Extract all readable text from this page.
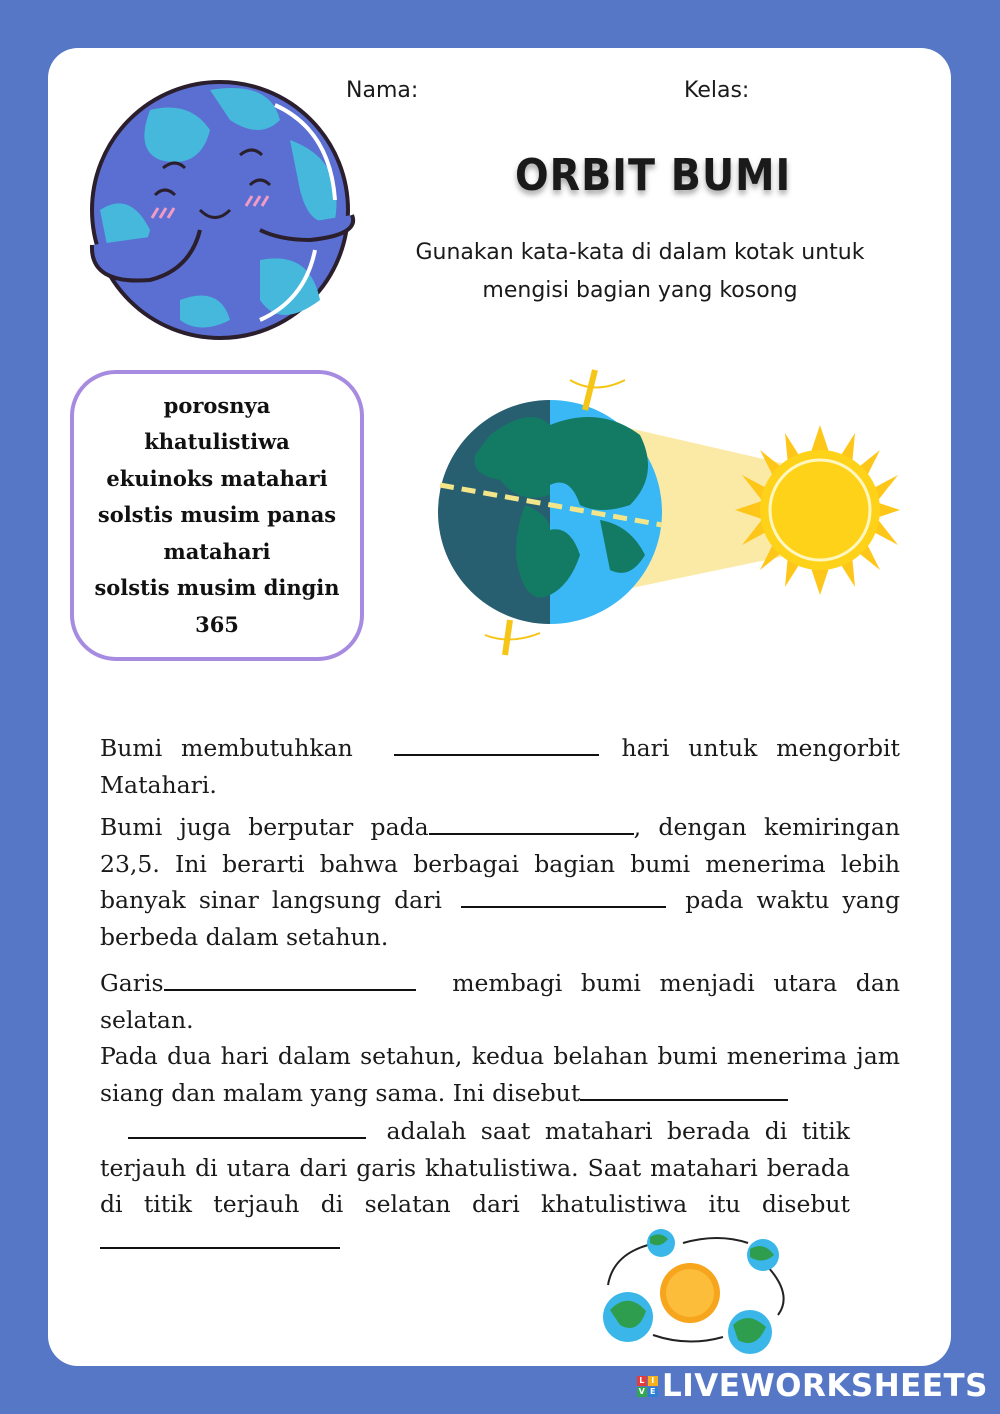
Nama:	Kelas:
ORBIT BUMI
Gunakan kata-kata di dalam kotak untuk
mengisi bagian yang kosong
porosnya
khatulistiwa
ekuinoks matahari
solstis musim panas
matahari
solstis musim dingin
365
Bumi membutuhkan	hari untuk mengorbit Matahari.
Bumi juga berputar pada	, dengan kemiringan 23,5. Ini berarti bahwa berbagai bagian bumi menerima lebih banyak sinar langsung dari	pada waktu yang berbeda dalam setahun.
Garis	membagi bumi menjadi utara dan selatan.
Pada dua hari dalam setahun, kedua belahan bumi menerima jam siang dan malam yang sama. Ini disebut
adalah saat matahari berada di titik terjauh di utara dari garis khatulistiwa. Saat matahari berada di titik terjauh di selatan dari khatulistiwa itu disebut
L I
V E LIVEWORKSHEETS
